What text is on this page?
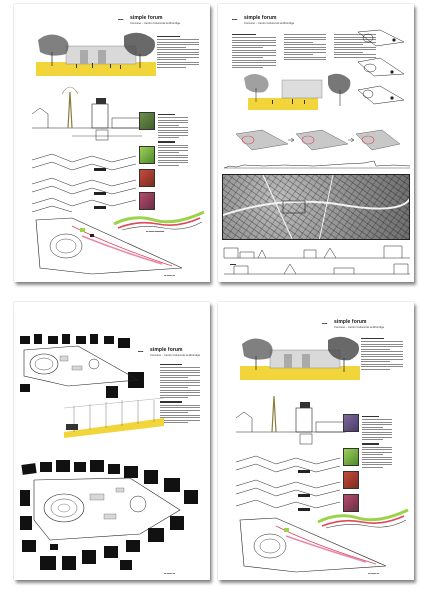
▬▬ simple forum
Concurso – Centro Cultural de la Alhóndiga
▬ ▬▬ ▬▬▬▬
▬ ▬▬ ▬
▬▬ simple forum
Concurso – Centro Cultural de la Alhóndiga
▬▬
▬▬ simple forum
Concurso – Centro Cultural de la Alhóndiga
▬ ▬▬ ▬
▬▬ simple forum
Concurso – Centro Cultural de la Alhóndiga
▬ ▬▬ ▬
